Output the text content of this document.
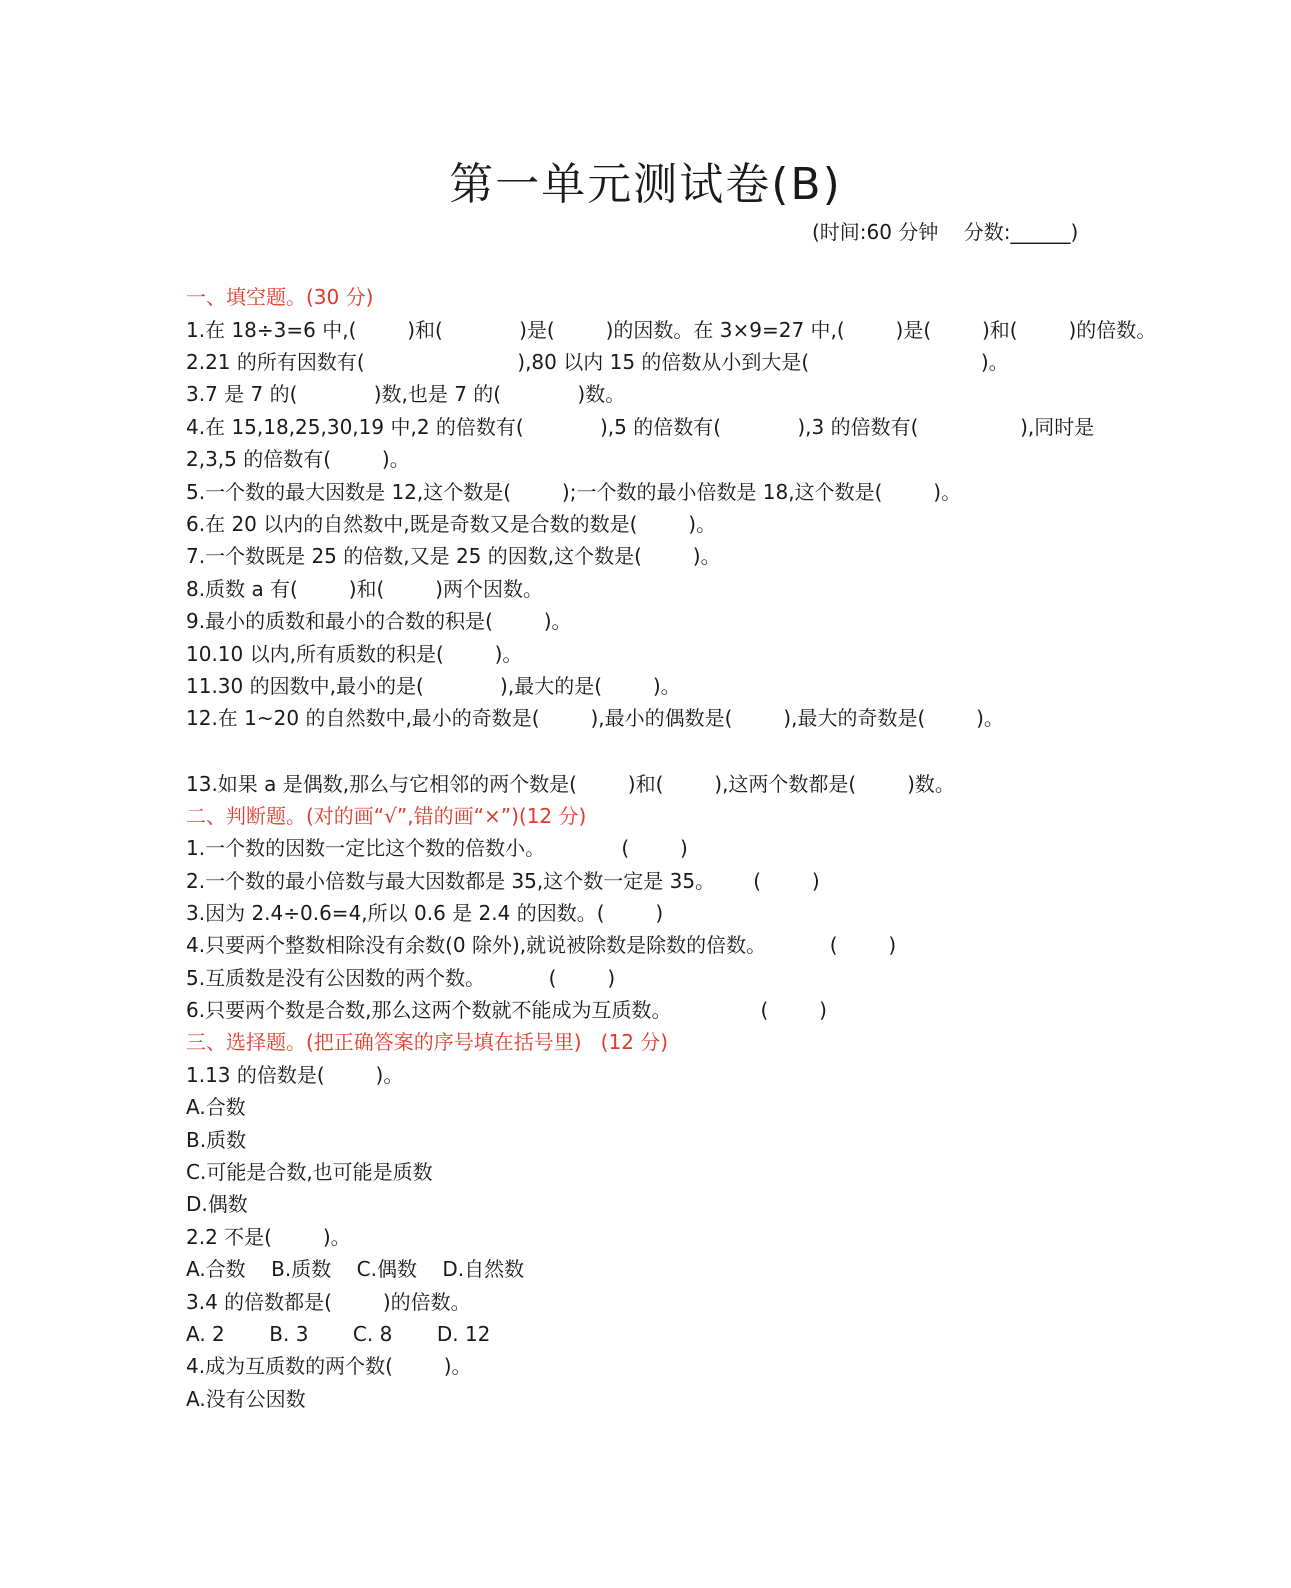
第一单元测试卷(B)
(时间:60 分钟    分数:______)
一、填空题。(30 分)
1.在 18÷3=6 中,(        )和(            )是(        )的因数。在 3×9=27 中,(        )是(        )和(        )的倍数。
2.21 的所有因数有(                        ),80 以内 15 的倍数从小到大是(                           )。
3.7 是 7 的(            )数,也是 7 的(            )数。
4.在 15,18,25,30,19 中,2 的倍数有(            ),5 的倍数有(            ),3 的倍数有(                ),同时是
2,3,5 的倍数有(        )。
5.一个数的最大因数是 12,这个数是(        );一个数的最小倍数是 18,这个数是(        )。
6.在 20 以内的自然数中,既是奇数又是合数的数是(        )。
7.一个数既是 25 的倍数,又是 25 的因数,这个数是(        )。
8.质数 a 有(        )和(        )两个因数。
9.最小的质数和最小的合数的积是(        )。
10.10 以内,所有质数的积是(        )。
11.30 的因数中,最小的是(            ),最大的是(        )。
12.在 1~20 的自然数中,最小的奇数是(        ),最小的偶数是(        ),最大的奇数是(        )。
13.如果 a 是偶数,那么与它相邻的两个数是(        )和(        ),这两个数都是(        )数。
二、判断题。(对的画“√”,错的画“×”)(12 分)
1.一个数的因数一定比这个数的倍数小。            (        )
2.一个数的最小倍数与最大因数都是 35,这个数一定是 35。      (        )
3.因为 2.4÷0.6=4,所以 0.6 是 2.4 的因数。(        )
4.只要两个整数相除没有余数(0 除外),就说被除数是除数的倍数。          (        )
5.互质数是没有公因数的两个数。          (        )
6.只要两个数是合数,那么这两个数就不能成为互质数。              (        )
三、选择题。(把正确答案的序号填在括号里)   (12 分)
1.13 的倍数是(        )。
A.合数
B.质数
C.可能是合数,也可能是质数
D.偶数
2.2 不是(        )。
A.合数    B.质数    C.偶数    D.自然数
3.4 的倍数都是(        )的倍数。
A. 2       B. 3       C. 8       D. 12
4.成为互质数的两个数(        )。
A.没有公因数
